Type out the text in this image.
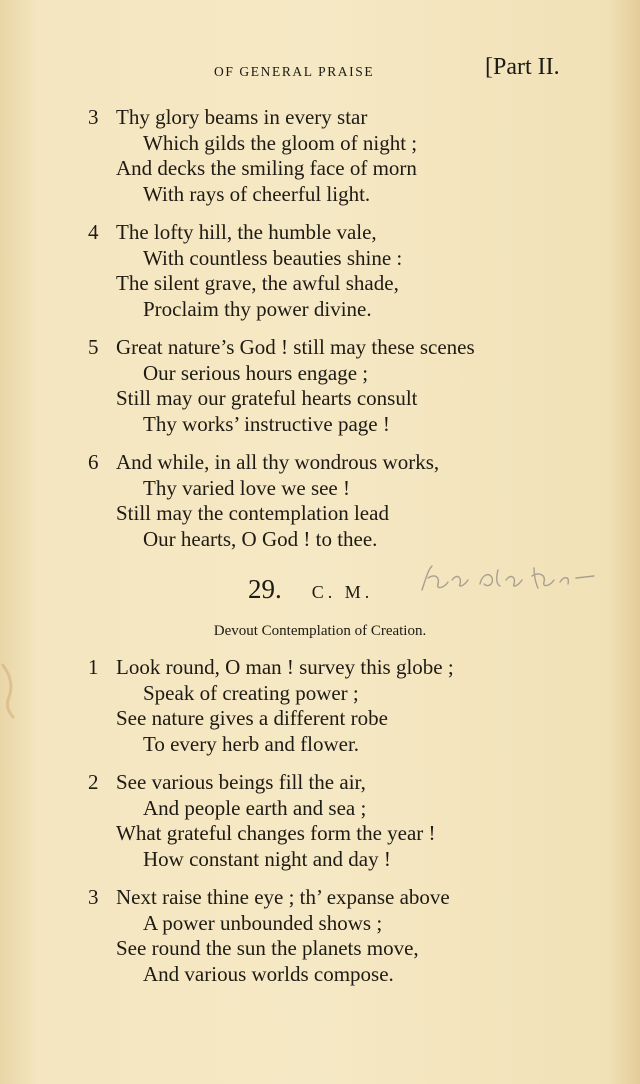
OF GENERAL PRAISE	[Part II.
3 Thy glory beams in every star
Which gilds the gloom of night ;
And decks the smiling face of morn
With rays of cheerful light.
4 The lofty hill, the humble vale,
With countless beauties shine :
The silent grave, the awful shade,
Proclaim thy power divine.
5 Great nature’s God ! still may these scenes
Our serious hours engage ;
Still may our grateful hearts consult
Thy works’ instructive page !
6 And while, in all thy wondrous works,
Thy varied love we see !
Still may the contemplation lead
Our hearts, O God ! to thee.
29. C. M.
Devout Contemplation of Creation.
1 Look round, O man ! survey this globe ;
Speak of creating power ;
See nature gives a different robe
To every herb and flower.
2 See various beings fill the air,
And people earth and sea ;
What grateful changes form the year !
How constant night and day !
3 Next raise thine eye ; th’ expanse above
A power unbounded shows ;
See round the sun the planets move,
And various worlds compose.
